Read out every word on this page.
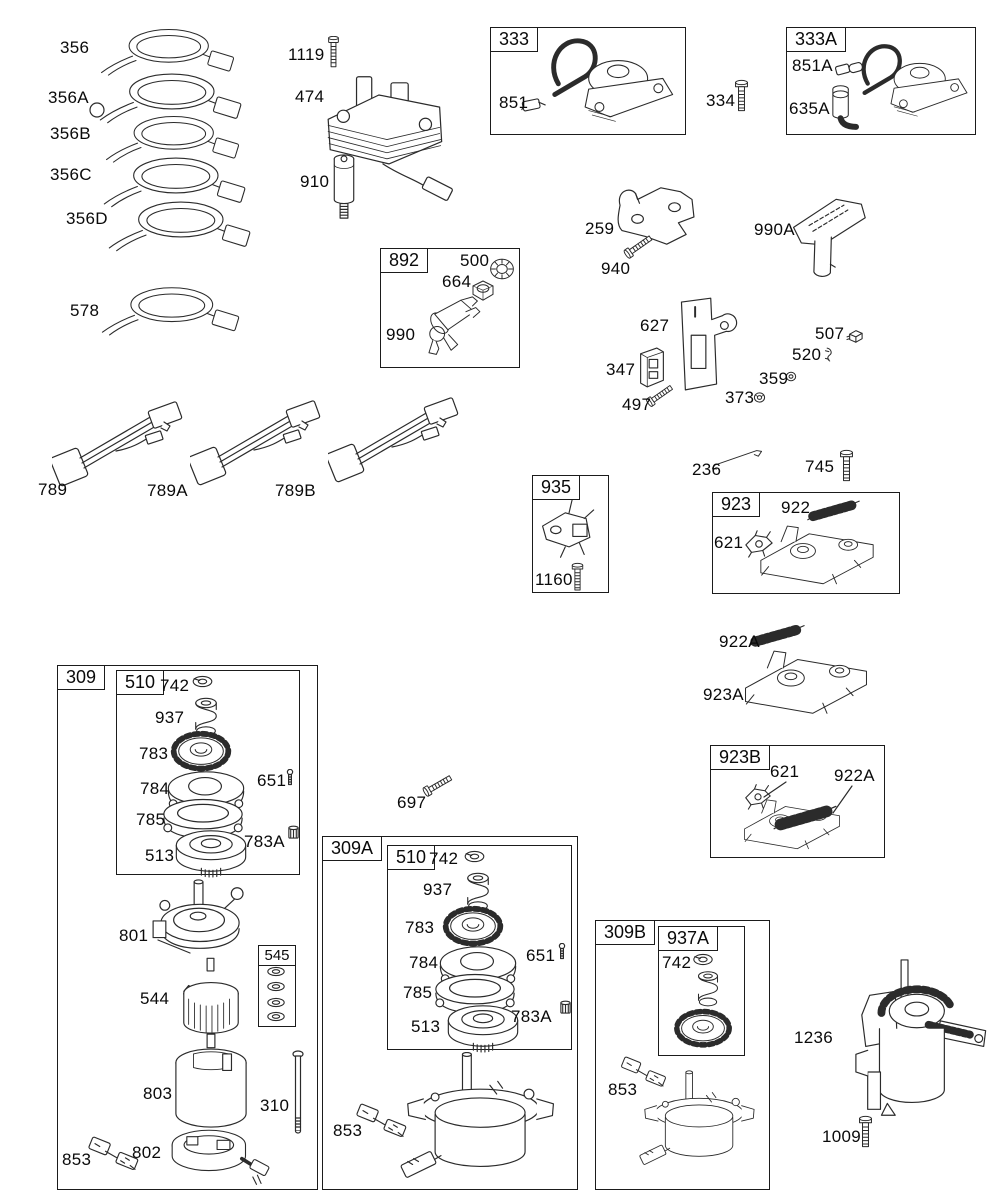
333	333A
892
935
923
923B
309	510
545
309A	510
309B	937A
356
356A
356B
356C
356D
578
1119
474
910
851	334
851A
635A
500
664
990
259
940
990A
627
347
497
507
520
359
373
789	789A	789B
1160
236	745
922
621
922A
923A
621 922A
742
937
783
784
785
513
651
783A
801
544
803
310
802
853
742
937
783
784
785
513
651
783A
853
742
853
697
1236
1009
